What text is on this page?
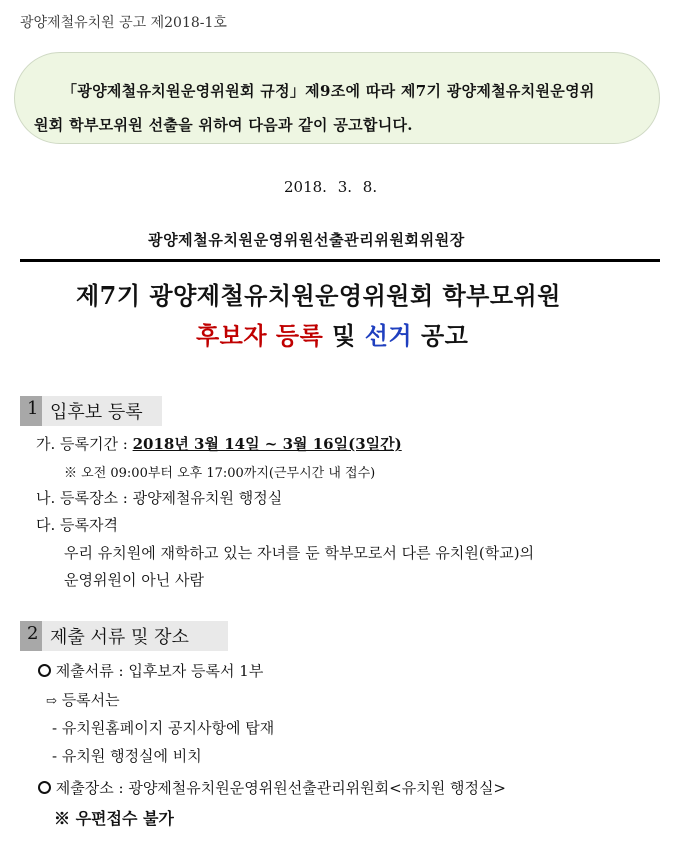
광양제철유치원 공고 제2018-1호
「광양제철유치원운영위원회 규정」제9조에 따라 제7기 광양제철유치원운영위
원회 학부모위원 선출을 위하여 다음과 같이 공고합니다.
2018. 3. 8.
광양제철유치원운영위원선출관리위원회위원장
제7기 광양제철유치원운영위원회 학부모위원
후보자 등록 및 선거 공고
1 입후보 등록
가. 등록기간 : 2018년 3월 14일 ~ 3월 16일(3일간)
※ 오전 09:00부터 오후 17:00까지(근무시간 내 접수)
나. 등록장소 : 광양제철유치원 행정실
다. 등록자격
우리 유치원에 재학하고 있는 자녀를 둔 학부모로서 다른 유치원(학교)의
운영위원이 아닌 사람
2 제출 서류 및 장소
제출서류 : 입후보자 등록서 1부
⇨ 등록서는
- 유치원홈페이지 공지사항에 탑재
- 유치원 행정실에 비치
제출장소 : 광양제철유치원운영위원선출관리위원회<유치원 행정실>
※ 우편접수 불가
